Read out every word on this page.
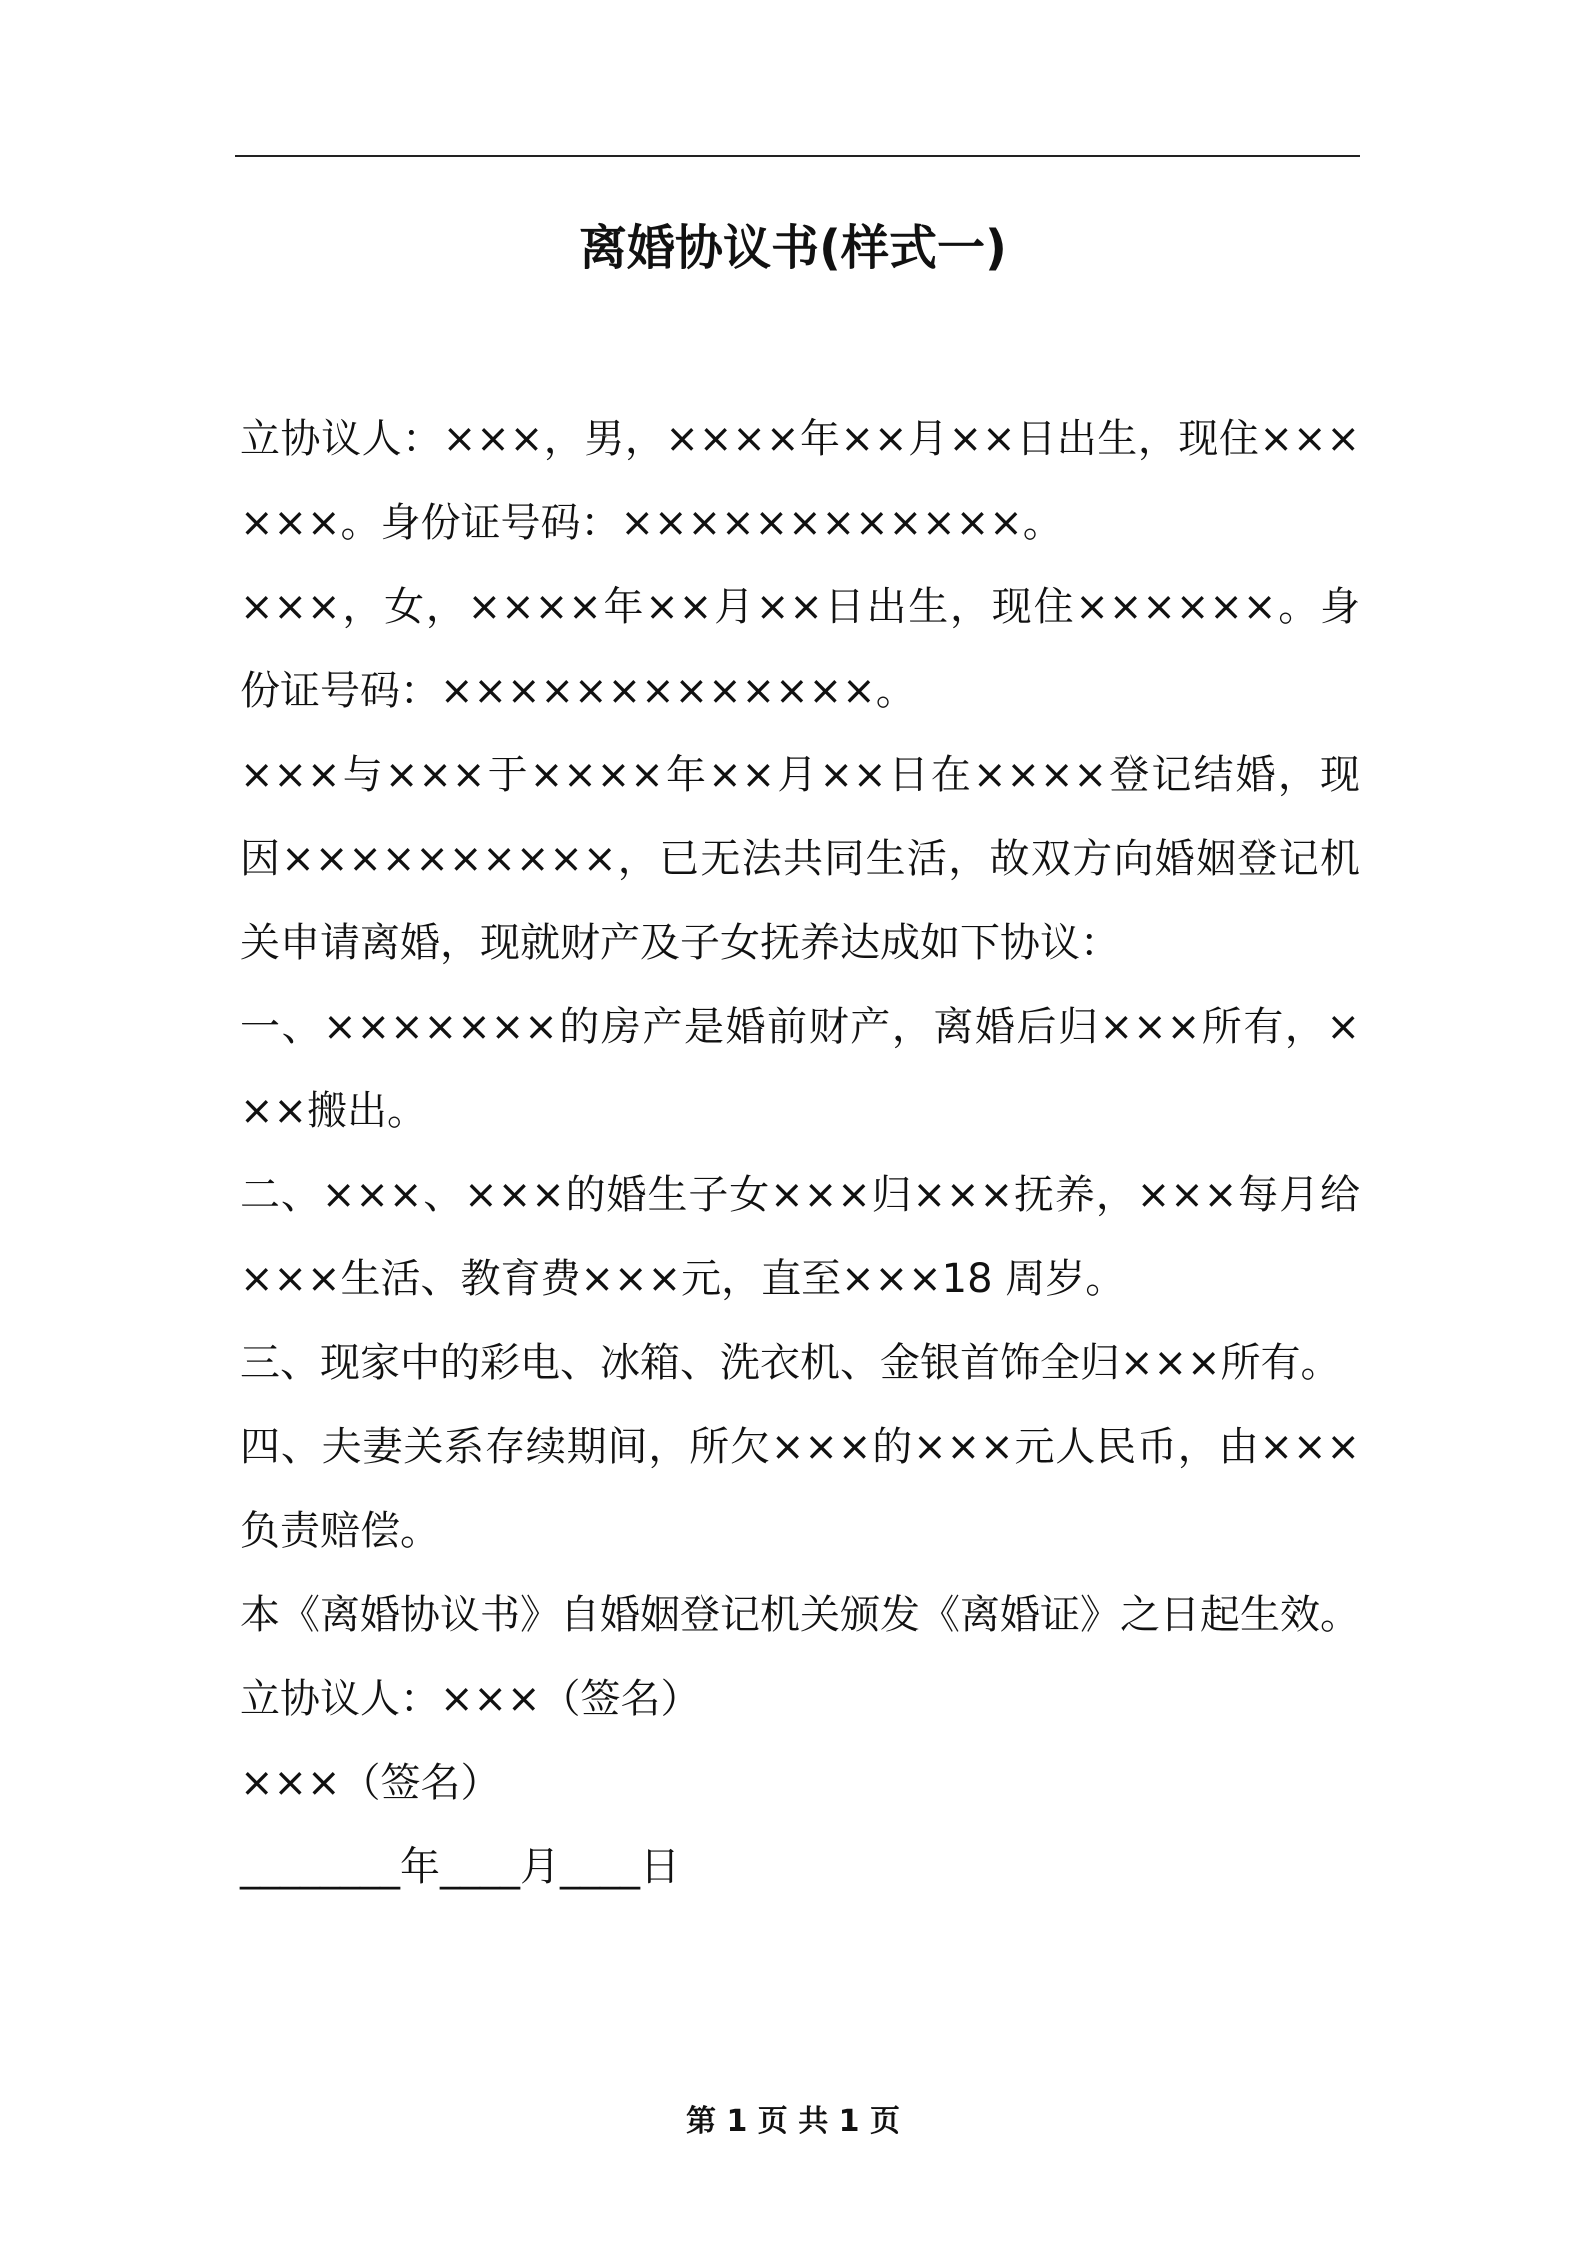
离婚协议书(样式一)

立协议人：×××，男，××××年××月××日出生，现住××××××。身份证号码：××××××××××××。

×××，女，××××年××月××日出生，现住××××××。身份证号码：×××××××××××××。

×××与×××于××××年××月××日在××××登记结婚，现因××××××××××，已无法共同生活，故双方向婚姻登记机关申请离婚，现就财产及子女抚养达成如下协议：

一、×××××××的房产是婚前财产，离婚后归×××所有，×××搬出。

二、×××、×××的婚生子女×××归×××抚养，×××每月给×××生活、教育费×××元，直至×××18 周岁。

三、现家中的彩电、冰箱、洗衣机、金银首饰全归×××所有。

四、夫妻关系存续期间，所欠×××的×××元人民币，由×××负责赔偿。

本《离婚协议书》自婚姻登记机关颁发《离婚证》之日起生效。

立协议人：×××（签名）

×××（签名）

________年____月____日

第 1 页 共 1 页
